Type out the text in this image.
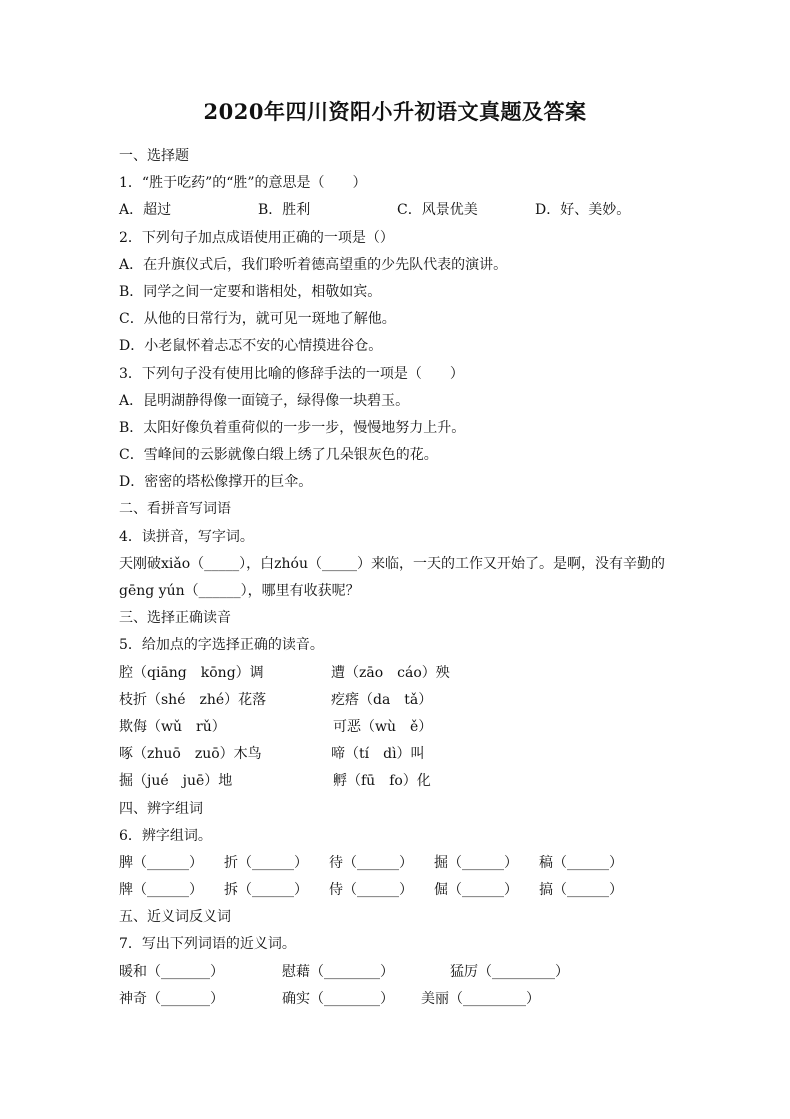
2020年四川资阳小升初语文真题及答案
一、选择题
1．“胜于吃药”的“胜”的意思是（　　）
A．超过	B．胜利	C．风景优美	D．好、美妙。
2．下列句子加点成语使用正确的一项是（）
A．在升旗仪式后，我们聆听着德高望重的少先队代表的演讲。
B．同学之间一定要和谐相处，相敬如宾。
C．从他的日常行为，就可见一斑地了解他。
D．小老鼠怀着忐忑不安的心情摸进谷仓。
3．下列句子没有使用比喻的修辞手法的一项是（　　）
A．昆明湖静得像一面镜子，绿得像一块碧玉。
B．太阳好像负着重荷似的一步一步，慢慢地努力上升。
C．雪峰间的云影就像白缎上绣了几朵银灰色的花。
D．密密的塔松像撑开的巨伞。
二、看拼音写词语
4．读拼音，写字词。
天刚破xiǎo（_____），白zhóu（_____）来临，一天的工作又开始了。是啊，没有辛勤的
gēng yún（______），哪里有收获呢？
三、选择正确读音
5．给加点的字选择正确的读音。
腔（qiāng　kōng）调	遭（zāo　cáo）殃
枝折（shé　zhé）花落	疙瘩（da　tǎ）
欺侮（wǔ　rǔ）	可恶（wù　ě）
啄（zhuō　zuō）木鸟	啼（tí　dì）叫
掘（jué　juē）地	孵（fū　fo）化
四、辨字组词
6．辨字组词。
脾（______）	折（______）	待（______）	掘（______）	稿（______）
牌（______）	拆（______）	侍（______）	倔（______）	搞（______）
五、近义词反义词
7．写出下列词语的近义词。
暖和（_______）	慰藉（________）	猛厉（_________）
神奇（_______）	确实（________）	美丽（_________）
